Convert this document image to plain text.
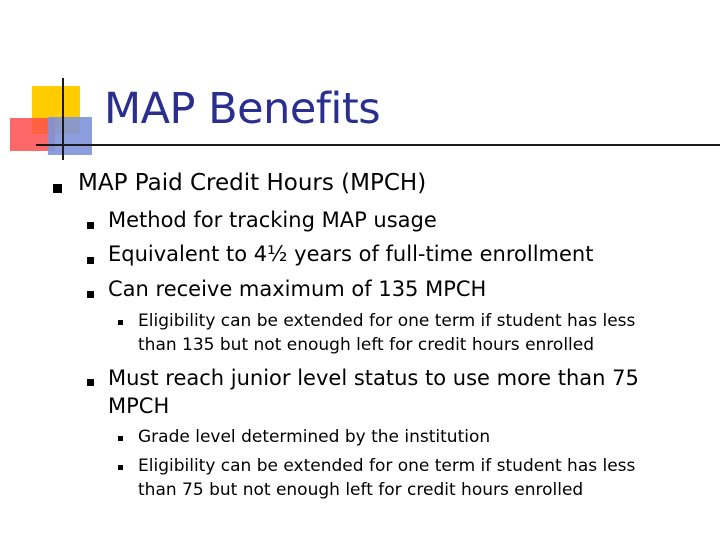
MAP Benefits
MAP Paid Credit Hours (MPCH)
Method for tracking MAP usage
Equivalent to 4½ years of full-time enrollment
Can receive maximum of 135 MPCH
Eligibility can be extended for one term if student has less
than 135 but not enough left for credit hours enrolled
Must reach junior level status to use more than 75
MPCH
Grade level determined by the institution
Eligibility can be extended for one term if student has less
than 75 but not enough left for credit hours enrolled
